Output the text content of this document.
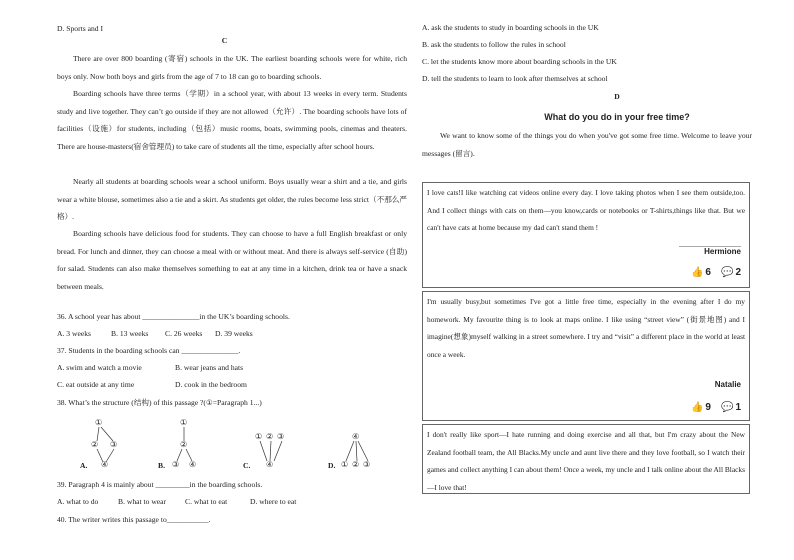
D. Sports and I
C
There are over 800 boarding (寄宿) schools in the UK. The earliest boarding schools were for white, rich boys only. Now both boys and girls from the age of 7 to 18 can go to boarding schools.
Boarding schools have three terms（学期）in a school year, with about 13 weeks in every term. Students study and live together. They can’t go outside if they are not allowed（允许）. The boarding schools have lots of facilities（设施）for students, including（包括）music rooms, boats, swimming pools, cinemas and theaters. There are house-masters(宿舍管理员) to take care of students all the time, especially after school hours.
Nearly all students at boarding schools wear a school uniform. Boys usually wear a shirt and a tie, and girls wear a white blouse, sometimes also a tie and a skirt. As students get older, the rules become less strict（不那么严格）.
Boarding schools have delicious food for students. They can choose to have a full English breakfast or only bread. For lunch and dinner, they can choose a meal with or without meat. And there is always self-service (自助) for salad. Students can also make themselves something to eat at any time in a kitchen, drink tea or have a snack between meals.
36. A school year has about _______________in the UK’s boarding schools.
A. 3 weeks	B. 13 weeks C. 26 weeks D. 39 weeks
37. Students in the boarding schools can _______________.
A. swim and watch a movie	B. wear jeans and hats
C. eat outside at any time	D. cook in the bedroom
38. What’s the structure (结构) of this passage ?(①=Paragraph 1...)
①
② ③
④
A.
①
②
③ ④
B.
① ② ③
④
C.
④
① ② ③
D.
39. Paragraph 4 is mainly about _________in the boarding schools.
A. what to do	B. what to wear C. what to eat	D. where to eat
40. The writer writes this passage to___________.
A. ask the students to study in boarding schools in the UK
B. ask the students to follow the rules in school
C. let the students know more about boarding schools in the UK
D. tell the students to learn to look after themselves at school
D
What do you do in your free time?
We want to know some of the things you do when you've got some free time. Welcome to leave your messages (留言).
I love cats!I like watching cat videos online every day. I love taking photos when I see them outside,too. And I collect things with cats on them—you know,cards or notebooks or T-shirts,things like that. But we can't have cats at home because my dad can't stand them !
Hermione
👍 6 💬 2
I'm usually busy,but sometimes I've got a little free time, especially in the evening after I do my homework. My favourite thing is to look at maps online. I like using “street view” (街景地图) and I imagine(想象)myself walking in a street somewhere. I try and “visit” a different place in the world at least once a week.
Natalie
👍 9 💬 1
I don't really like sport—I hate running and doing exercise and all that, but I'm crazy about the New Zealand football team, the All Blacks.My uncle and aunt live there and they love football, so I watch their games and collect anything I can about them! Once a week, my uncle and I talk online about the All Blacks—I love that!
